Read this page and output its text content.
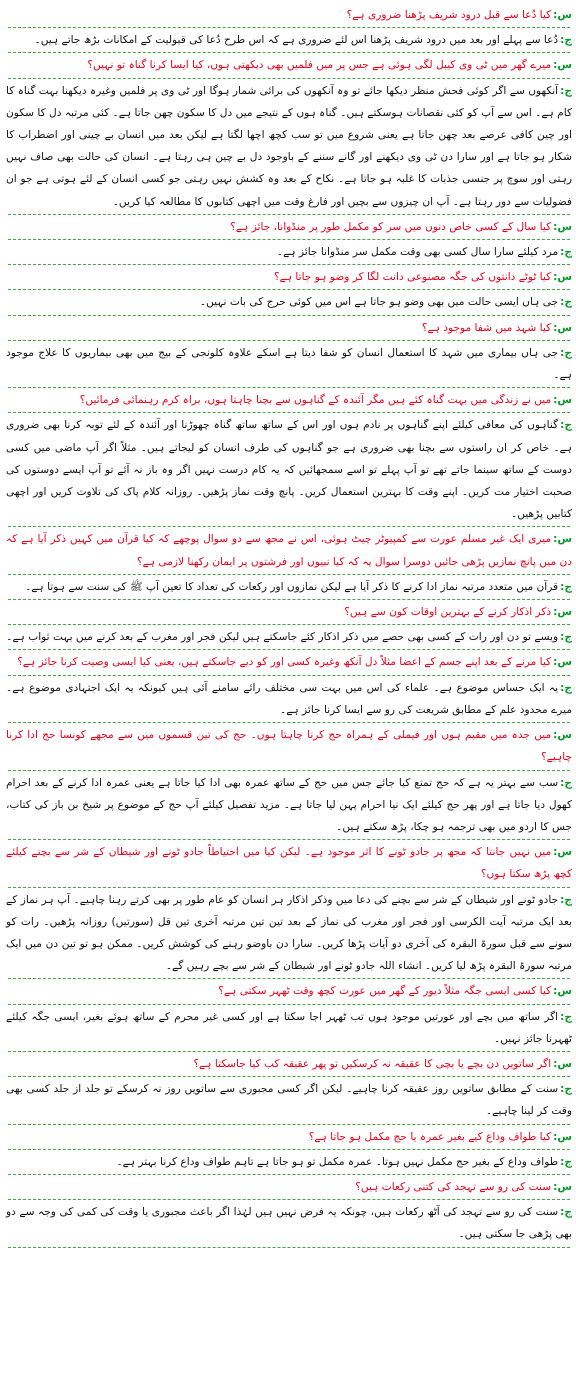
س:کیا دُعا سے قبل درود شریف پڑھنا ضروری ہے؟

ج:دُعا سے پہلے اور بعد میں درود شریف پڑھنا اس لئے ضروری ہے کہ اس طرح دُعا کی قبولیت کے امکانات بڑھ جاتے ہیں۔

س:میرے گھر میں ٹی وی کیبل لگی ہوئی ہے جس پر میں فلمیں بھی دیکھتی ہوں، کیا ایسا کرنا گناہ تو نہیں؟

ج:آنکھوں سے اگر کوئی فحش منظر دیکھا جائے تو وہ آنکھوں کی برائی شمار ہوگا اور ٹی وی پر فلمیں وغیرہ دیکھنا بہت گناہ کا کام ہے۔ اس سے آپ کو کئی نقصانات ہوسکتے ہیں۔ گناہ ہوں کے نتیجے میں دل کا سکون چھن جاتا ہے۔ کئی مرتبہ دل کا سکون اور چین کافی عرصے بعد چھن جاتا ہے یعنی شروع میں تو سب کچھ اچھا لگتا ہے لیکن بعد میں انسان بے چینی اور اضطراب کا شکار ہو جاتا ہے اور سارا دن ٹی وی دیکھنے اور گانے سننے کے باوجود دل بے چین ہی رہتا ہے۔ انسان کی حالت بھی صاف نہیں رہتی اور سوچ پر جنسی جذبات کا غلبہ ہو جاتا ہے۔ نکاح کے بعد وہ کشش نہیں رہتی جو کسی انسان کے لئے ہوتی ہے جو ان فضولیات سے دور رہتا ہے۔ آپ ان چیزوں سے بچیں اور فارغ وقت میں اچھی کتابوں کا مطالعہ کیا کریں۔

س:کیا سال کے کسی خاص دنوں میں سر کو مکمل طور پر منڈوانا، جائز ہے؟

ج:مرد کیلئے سارا سال کسی بھی وقت مکمل سر منڈوانا جائز ہے۔

س:کیا ٹوٹے دانتوں کی جگہ مصنوعی دانت لگا کر وضو ہو جاتا ہے؟

ج:جی ہاں ایسی حالت میں بھی وضو ہو جاتا ہے اس میں کوئی حرج کی بات نہیں۔

س:کیا شہد میں شفا موجود ہے؟

ج:جی ہاں بیماری میں شہد کا استعمال انسان کو شفا دیتا ہے اسکے علاوہ کلونجی کے بیج میں بھی بیماریوں کا علاج موجود ہے۔

س:میں نے زندگی میں بہت گناہ کئے ہیں مگر آئندہ کے گناہوں سے بچنا چاہتا ہوں، براہ کرم رہنمائی فرمائیں؟

ج:گناہوں کی معافی کیلئے اپنے گناہوں پر نادم ہوں اور اس کے ساتھ ساتھ گناہ چھوڑنا اور آئندہ کے لئے توبہ کرنا بھی ضروری ہے۔ خاص کر ان راستوں سے بچنا بھی ضروری ہے جو گناہوں کی طرف انسان کو لیجاتے ہیں۔ مثلاً اگر آپ ماضی میں کسی دوست کے ساتھ سینما جاتے تھے تو آپ پہلے تو اسے سمجھائیں کہ یہ کام درست نہیں اگر وہ باز نہ آئے تو آپ ایسے دوستوں کی صحبت اختیار مت کریں۔ اپنے وقت کا بہترین استعمال کریں۔ پانچ وقت نماز پڑھیں۔ روزانہ کلام پاک کی تلاوت کریں اور اچھی کتابیں پڑھیں۔

س:میری ایک غیر مسلم عورت سے کمپیوٹر چیٹ ہوئی، اس نے مجھ سے دو سوال پوچھے کہ کیا قرآن میں کہیں ذکر آیا ہے کہ دن میں پانچ نمازیں پڑھی جائیں دوسرا سوال یہ کہ کیا نبیوں اور فرشتوں پر ایمان رکھنا لازمی ہے؟

ج:قرآن میں متعدد مرتبہ نماز ادا کرنے کا ذکر آیا ہے لیکن نمازوں اور رکعات کی تعداد کا تعین آپ ﷺ کی سنت سے ہوتا ہے۔

س:ذکر اذکار کرنے کے بہترین اوقات کون سے ہیں؟

ج:ویسے تو دن اور رات کے کسی بھی حصے میں ذکر اذکار کئے جاسکتے ہیں لیکن فجر اور مغرب کے بعد کرنے میں بہت ثواب ہے۔

س:کیا مرنے کے بعد اپنے جسم کے اعضا مثلاً دل آنکھ وغیرہ کسی اور کو دیے جاسکتے ہیں، یعنی کیا ایسی وصیت کرنا جائز ہے؟

ج:یہ ایک حساس موضوع ہے۔ علماء کی اس میں بہت سی مختلف رائے سامنے آئی ہیں کیونکہ یہ ایک اجتہادی موضوع ہے۔ میرے محدود علم کے مطابق شریعت کی رو سے ایسا کرنا جائز ہے۔

س:میں جدہ میں مقیم ہوں اور فیملی کے ہمراہ حج کرنا چاہتا ہوں۔ حج کی تین قسموں میں سے مجھے کونسا حج ادا کرنا چاہیے؟

ج:سب سے بہتر یہ ہے کہ حج تمتع کیا جائے جس میں حج کے ساتھ عمرہ بھی ادا کیا جاتا ہے یعنی عمرہ ادا کرنے کے بعد احرام کھول دیا جاتا ہے اور پھر حج کیلئے ایک نیا احرام پہن لیا جاتا ہے۔ مزید تفصیل کیلئے آپ حج کے موضوع پر شیخ بن باز کی کتاب، جس کا اردو میں بھی ترجمہ ہو چکا، پڑھ سکتے ہیں۔

س:میں نہیں جانتا کہ مجھ پر جادو ٹونے کا اثر موجود ہے۔ لیکن کیا میں احتیاطاً جادو ٹونے اور شیطان کے شر سے بچنے کیلئے کچھ پڑھ سکتا ہوں؟

ج:جادو ٹونے اور شیطان کے شر سے بچنے کی دعا میں وذکر اذکار ہر انسان کو عام طور پر بھی کرتے رہنا چاہیے۔ آپ ہر نماز کے بعد ایک مرتبہ آیت الکرسی اور فجر اور مغرب کی نماز کے بعد تین تین مرتبہ آخری تین قل (سورتیں) روزانہ پڑھیں۔ رات کو سونے سے قبل سورۃ البقرہ کی آخری دو آیات پڑھا کریں۔ سارا دن باوضو رہنے کی کوشش کریں۔ ممکن ہو تو تین دن میں ایک مرتبہ سورۃ البقرہ پڑھ لیا کریں۔ انشاء اللہ جادو ٹونے اور شیطان کے شر سے بچے رہیں گے۔

س:کیا کسی ایسی جگہ مثلاً دیور کے گھر میں عورت کچھ وقت ٹھہر سکتی ہے؟

ج:اگر ساتھ میں بچے اور عورتیں موجود ہوں تب ٹھہر اجا سکتا ہے اور کسی غیر محرم کے ساتھ ہوئے بغیر، ایسی جگہ کیلئے ٹھہرنا جائز نہیں۔

س:اگر ساتویں دن بچے یا بچی کا عقیقہ نہ کرسکیں تو پھر عقیقہ کب کیا جاسکتا ہے؟

ج:سنت کے مطابق ساتویں روز عقیقہ کرنا چاہیے۔ لیکن اگر کسی مجبوری سے ساتویں روز نہ کرسکے تو جلد از جلد کسی بھی وقت کر لینا چاہیے۔

س:کیا طواف وداع کیے بغیر عمرہ یا حج مکمل ہو جاتا ہے؟

ج:طواف وداع کے بغیر حج مکمل نہیں ہوتا۔ عمرہ مکمل تو ہو جاتا ہے تاہم طواف وداع کرنا بہتر ہے۔

س:سنت کی رو سے تہجد کی کتنی رکعات ہیں؟

ج:سنت کی رو سے تہجد کی آٹھ رکعات ہیں، چونکہ یہ فرض نہیں ہیں لہٰذا اگر باعث مجبوری یا وقت کی کمی کی وجہ سے دو بھی پڑھی جا سکتی ہیں۔
